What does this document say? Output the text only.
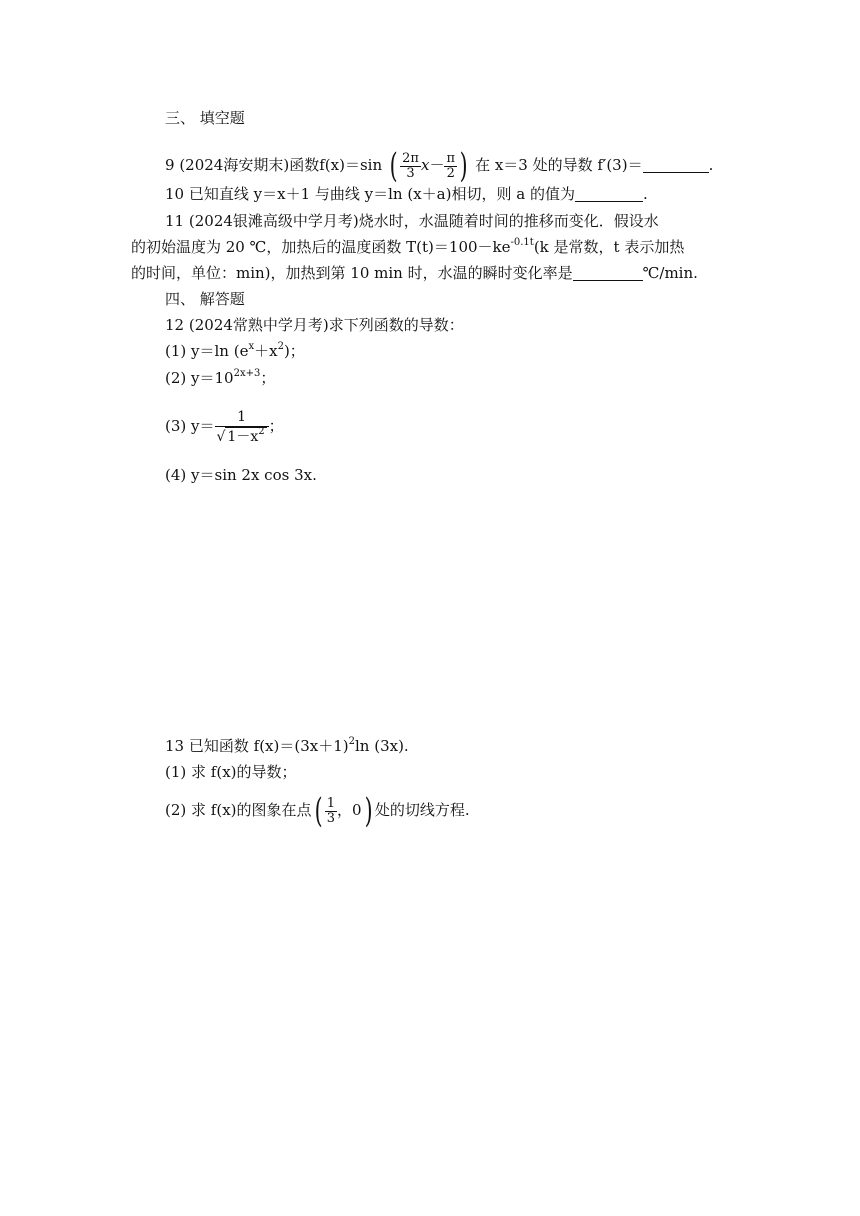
三、 填空题
9 (2024海安期末)函数f(x)＝sin ( $\frac{2\pi}{3} x- \frac{\pi}{2}$ ) 在 x＝3 处的导数 f′(3)＝	.
10 已知直线 y＝x＋1 与曲线 y＝ln (x＋a)相切，则 a 的值为	.
11 (2024银滩高级中学月考)烧水时，水温随着时间的推移而变化．假设水
的初始温度为 20 ℃，加热后的温度函数 $T(t)=100-ke^{-0.1t}(k$ 是常数，t 表示加热
的时间，单位：min)，加热到第 10 min 时，水温的瞬时变化率是	℃/min.
四、 解答题
12 (2024常熟中学月考)求下列函数的导数：
(1) y＝ln $(e^x+x^2)$；
(2) $y=10^{2x+3}$；
(3) $y= \frac{1}{√ 1-x^2}$ ；
(4) y＝sin 2x cos 3x.
13 已知函数 $f(x)=(3x+1)^2\ln$ (3x).
(1) 求 f(x)的导数；
(2) 求 f(x)的图象在点( $\frac{1}{3}$ ，0) 处的切线方程.
